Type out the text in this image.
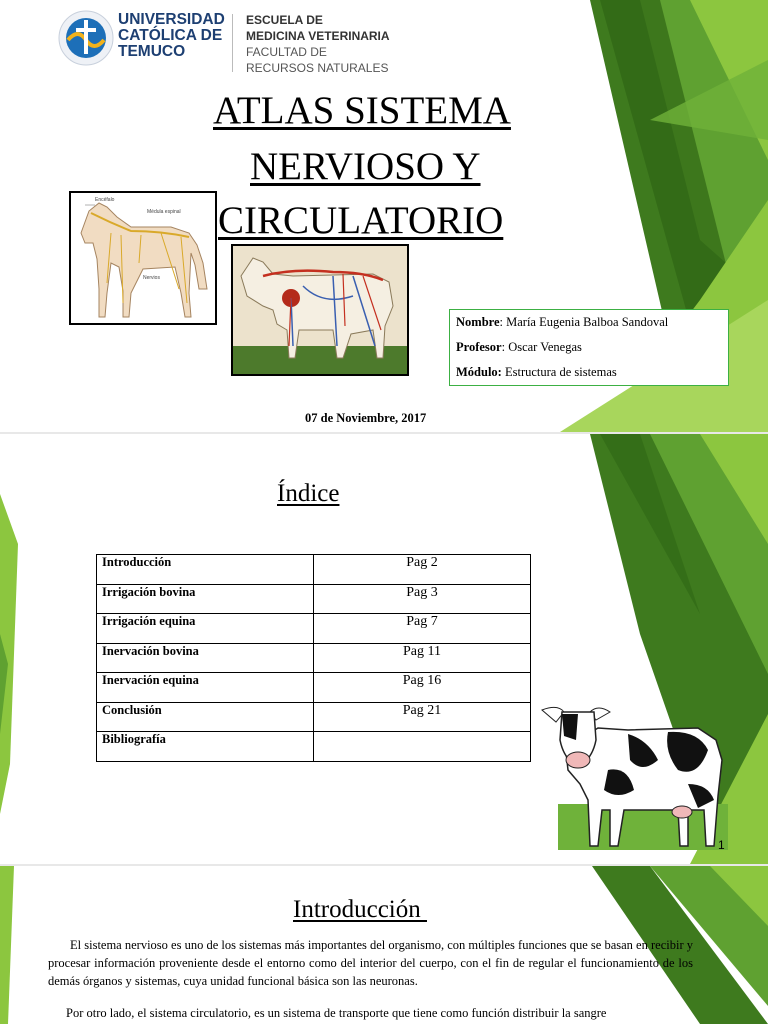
UNIVERSIDAD
CATÓLICA DE
TEMUCO
ESCUELA DE
MEDICINA VETERINARIA
FACULTAD DE
RECURSOS NATURALES
ATLAS SISTEMA
NERVIOSO Y
CIRCULATORIO
Encéfalo
Médula espinal
Nervios
Nombre: María Eugenia Balboa Sandoval
Profesor: Oscar Venegas
Módulo: Estructura de sistemas
07 de Noviembre, 2017
Índice
Introducción	Pag 2
Irrigación bovina	Pag 3
Irrigación equina	Pag 7
Inervación bovina	Pag 11
Inervación equina	Pag 16
Conclusión	Pag 21
Bibliografía	
1
Introducción
El sistema nervioso es uno de los sistemas más importantes del organismo, con múltiples funciones que se basan en recibir y procesar información proveniente desde el entorno como del interior del cuerpo, con el fin de regular el funcionamiento de los demás órganos y sistemas, cuya unidad funcional básica son las neuronas.
Por otro lado, el sistema circulatorio, es un sistema de transporte que tiene como función distribuir la sangre
